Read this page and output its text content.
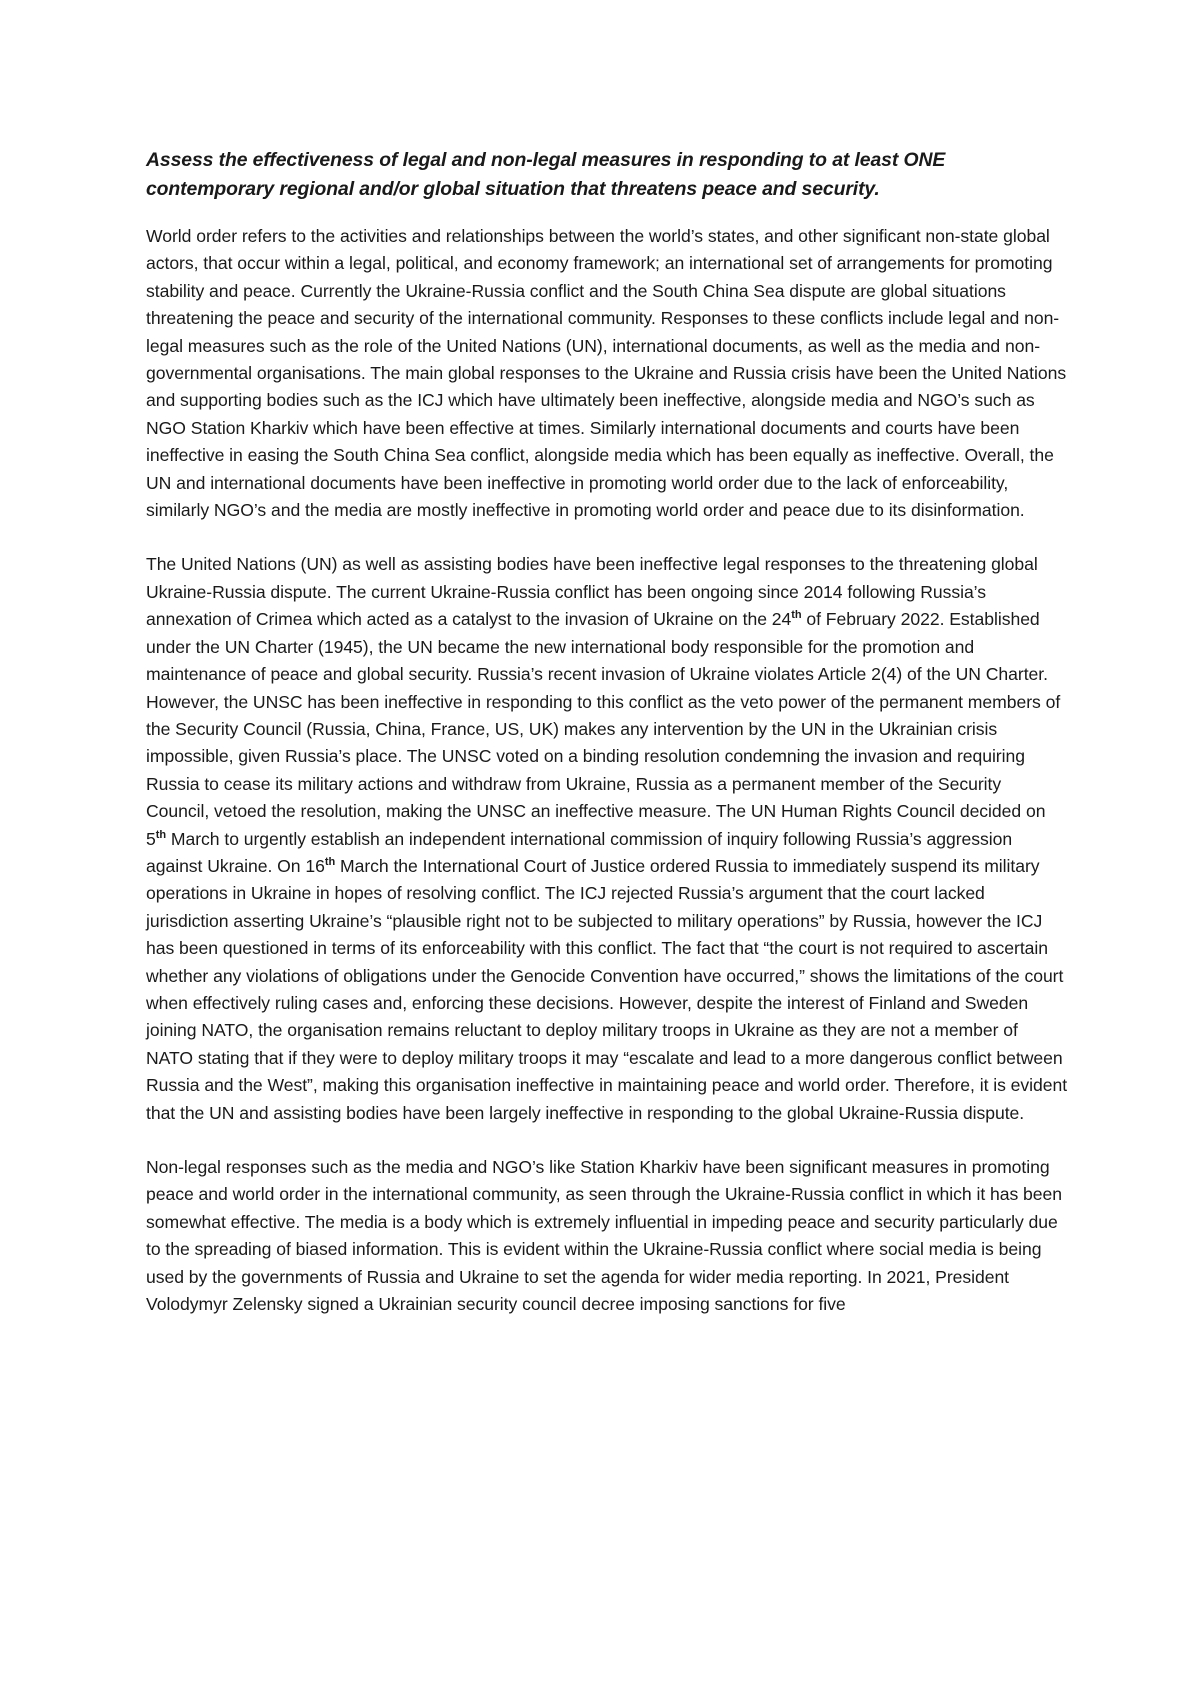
Assess the effectiveness of legal and non-legal measures in responding to at least ONE contemporary regional and/or global situation that threatens peace and security.

World order refers to the activities and relationships between the world’s states, and other significant non-state global actors, that occur within a legal, political, and economy framework; an international set of arrangements for promoting stability and peace. Currently the Ukraine-Russia conflict and the South China Sea dispute are global situations threatening the peace and security of the international community. Responses to these conflicts include legal and non-legal measures such as the role of the United Nations (UN), international documents, as well as the media and non-governmental organisations. The main global responses to the Ukraine and Russia crisis have been the United Nations and supporting bodies such as the ICJ which have ultimately been ineffective, alongside media and NGO’s such as NGO Station Kharkiv which have been effective at times. Similarly international documents and courts have been ineffective in easing the South China Sea conflict, alongside media which has been equally as ineffective. Overall, the UN and international documents have been ineffective in promoting world order due to the lack of enforceability, similarly NGO’s and the media are mostly ineffective in promoting world order and peace due to its disinformation.

The United Nations (UN) as well as assisting bodies have been ineffective legal responses to the threatening global Ukraine-Russia dispute. The current Ukraine-Russia conflict has been ongoing since 2014 following Russia’s annexation of Crimea which acted as a catalyst to the invasion of Ukraine on the 24th of February 2022. Established under the UN Charter (1945), the UN became the new international body responsible for the promotion and maintenance of peace and global security. Russia’s recent invasion of Ukraine violates Article 2(4) of the UN Charter. However, the UNSC has been ineffective in responding to this conflict as the veto power of the permanent members of the Security Council (Russia, China, France, US, UK) makes any intervention by the UN in the Ukrainian crisis impossible, given Russia’s place. The UNSC voted on a binding resolution condemning the invasion and requiring Russia to cease its military actions and withdraw from Ukraine, Russia as a permanent member of the Security Council, vetoed the resolution, making the UNSC an ineffective measure. The UN Human Rights Council decided on 5th March to urgently establish an independent international commission of inquiry following Russia’s aggression against Ukraine. On 16th March the International Court of Justice ordered Russia to immediately suspend its military operations in Ukraine in hopes of resolving conflict. The ICJ rejected Russia’s argument that the court lacked jurisdiction asserting Ukraine’s “plausible right not to be subjected to military operations” by Russia, however the ICJ has been questioned in terms of its enforceability with this conflict. The fact that “the court is not required to ascertain whether any violations of obligations under the Genocide Convention have occurred,” shows the limitations of the court when effectively ruling cases and, enforcing these decisions. However, despite the interest of Finland and Sweden joining NATO, the organisation remains reluctant to deploy military troops in Ukraine as they are not a member of NATO stating that if they were to deploy military troops it may “escalate and lead to a more dangerous conflict between Russia and the West”, making this organisation ineffective in maintaining peace and world order. Therefore, it is evident that the UN and assisting bodies have been largely ineffective in responding to the global Ukraine-Russia dispute.

Non-legal responses such as the media and NGO’s like Station Kharkiv have been significant measures in promoting peace and world order in the international community, as seen through the Ukraine-Russia conflict in which it has been somewhat effective. The media is a body which is extremely influential in impeding peace and security particularly due to the spreading of biased information. This is evident within the Ukraine-Russia conflict where social media is being used by the governments of Russia and Ukraine to set the agenda for wider media reporting. In 2021, President Volodymyr Zelensky signed a Ukrainian security council decree imposing sanctions for five
